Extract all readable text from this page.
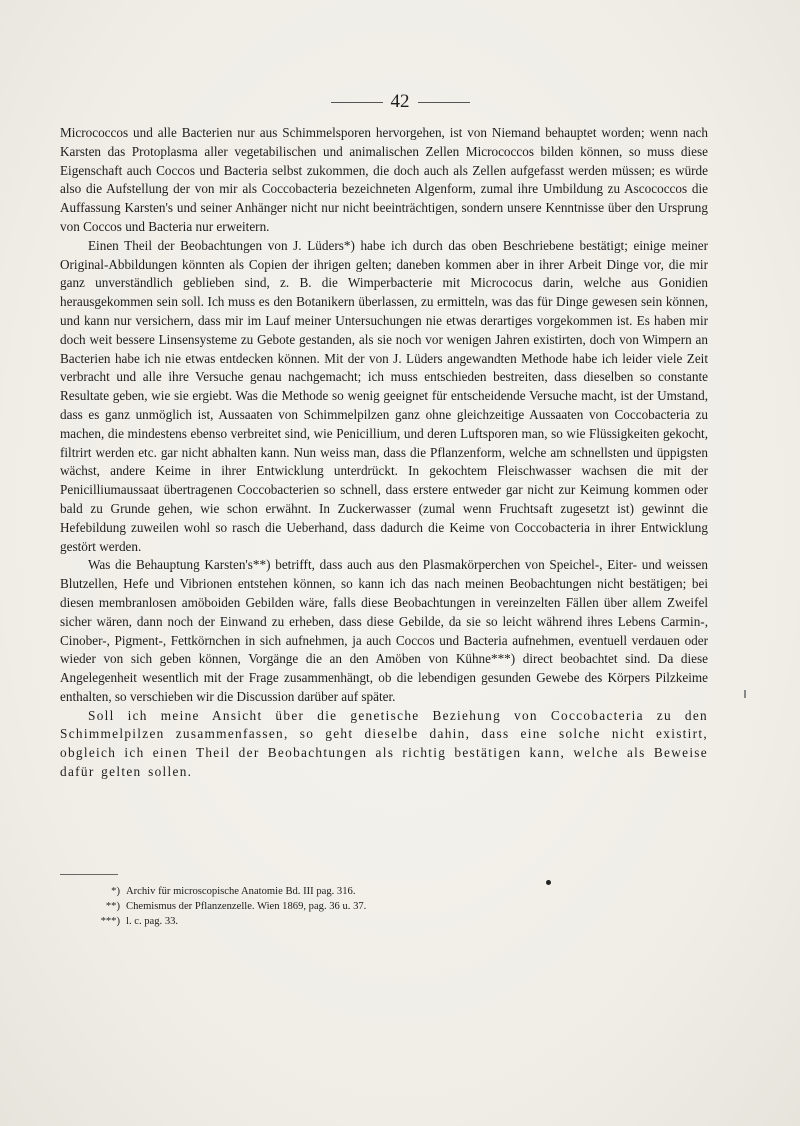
42

Micrococcos und alle Bacterien nur aus Schimmelsporen hervorgehen, ist von Niemand behauptet worden; wenn nach Karsten das Protoplasma aller vegetabilischen und animalischen Zellen Micrococcos bilden können, so muss diese Eigenschaft auch Coccos und Bacteria selbst zukommen, die doch auch als Zellen aufgefasst werden müssen; es würde also die Aufstellung der von mir als Coccobacteria bezeichneten Algenform, zumal ihre Umbildung zu Ascococcos die Auffassung Karsten's und seiner Anhänger nicht nur nicht beeinträchtigen, sondern unsere Kenntnisse über den Ursprung von Coccos und Bacteria nur erweitern.

Einen Theil der Beobachtungen von J. Lüders*) habe ich durch das oben Beschriebene bestätigt; einige meiner Original-Abbildungen könnten als Copien der ihrigen gelten; daneben kommen aber in ihrer Arbeit Dinge vor, die mir ganz unverständlich geblieben sind, z. B. die Wimperbacterie mit Micrococus darin, welche aus Gonidien herausgekommen sein soll. Ich muss es den Botanikern überlassen, zu ermitteln, was das für Dinge gewesen sein können, und kann nur versichern, dass mir im Lauf meiner Untersuchungen nie etwas derartiges vorgekommen ist. Es haben mir doch weit bessere Linsensysteme zu Gebote gestanden, als sie noch vor wenigen Jahren existirten, doch von Wimpern an Bacterien habe ich nie etwas entdecken können. Mit der von J. Lüders angewandten Methode habe ich leider viele Zeit verbracht und alle ihre Versuche genau nachgemacht; ich muss entschieden bestreiten, dass dieselben so constante Resultate geben, wie sie ergiebt. Was die Methode so wenig geeignet für entscheidende Versuche macht, ist der Umstand, dass es ganz unmöglich ist, Aussaaten von Schimmelpilzen ganz ohne gleichzeitige Aussaaten von Coccobacteria zu machen, die mindestens ebenso verbreitet sind, wie Penicillium, und deren Luftsporen man, so wie Flüssigkeiten gekocht, filtrirt werden etc. gar nicht abhalten kann. Nun weiss man, dass die Pflanzenform, welche am schnellsten und üppigsten wächst, andere Keime in ihrer Entwicklung unterdrückt. In gekochtem Fleischwasser wachsen die mit der Penicilliumaussaat übertragenen Coccobacterien so schnell, dass erstere entweder gar nicht zur Keimung kommen oder bald zu Grunde gehen, wie schon erwähnt. In Zuckerwasser (zumal wenn Fruchtsaft zugesetzt ist) gewinnt die Hefebildung zuweilen wohl so rasch die Ueberhand, dass dadurch die Keime von Coccobacteria in ihrer Entwicklung gestört werden.

Was die Behauptung Karsten's**) betrifft, dass auch aus den Plasmakörperchen von Speichel-, Eiter- und weissen Blutzellen, Hefe und Vibrionen entstehen können, so kann ich das nach meinen Beobachtungen nicht bestätigen; bei diesen membranlosen amöboiden Gebilden wäre, falls diese Beobachtungen in vereinzelten Fällen über allem Zweifel sicher wären, dann noch der Einwand zu erheben, dass diese Gebilde, da sie so leicht während ihres Lebens Carmin-, Cinober-, Pigment-, Fettkörnchen in sich aufnehmen, ja auch Coccos und Bacteria aufnehmen, eventuell verdauen oder wieder von sich geben können, Vorgänge die an den Amöben von Kühne***) direct beobachtet sind. Da diese Angelegenheit wesentlich mit der Frage zusammenhängt, ob die lebendigen gesunden Gewebe des Körpers Pilzkeime enthalten, so verschieben wir die Discussion darüber auf später.

Soll ich meine Ansicht über die genetische Beziehung von Coccobacteria zu den Schimmelpilzen zusammenfassen, so geht dieselbe dahin, dass eine solche nicht existirt, obgleich ich einen Theil der Beobachtungen als richtig bestätigen kann, welche als Beweise dafür gelten sollen.

*) Archiv für microscopische Anatomie Bd. III pag. 316.

**) Chemismus der Pflanzenzelle. Wien 1869, pag. 36 u. 37.

***) l. c. pag. 33.
